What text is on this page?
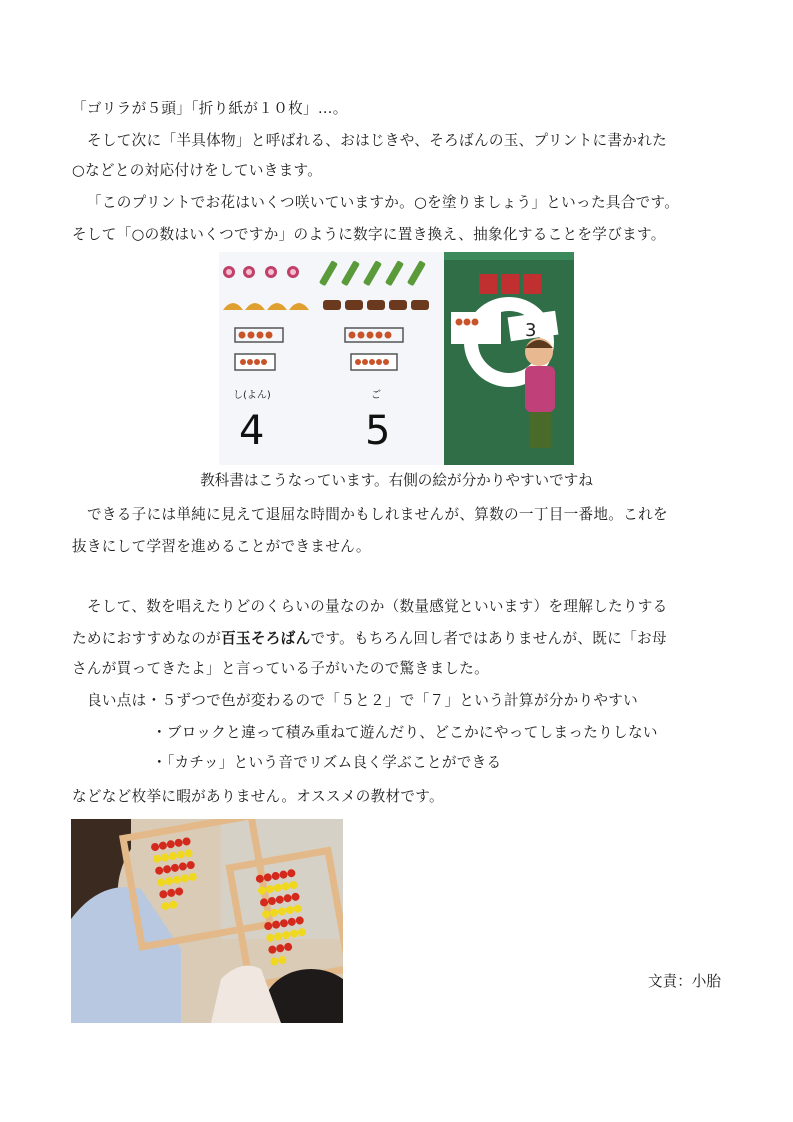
「ゴリラが５頭」「折り紙が１０枚」…。
そして次に「半具体物」と呼ばれる、おはじきや、そろばんの玉、プリントに書かれた
○などとの対応付けをしていきます。
「このプリントでお花はいくつ咲いていますか。○を塗りましょう」といった具合です。
そして「○の数はいくつですか」のように数字に置き換え、抽象化することを学びます。
し(よん)	ご
4	5
3
教科書はこうなっています。右側の絵が分かりやすいですね
できる子には単純に見えて退屈な時間かもしれませんが、算数の一丁目一番地。これを
抜きにして学習を進めることができません。
そして、数を唱えたりどのくらいの量なのか（数量感覚といいます）を理解したりする
ためにおすすめなのが百玉そろばんです。もちろん回し者ではありませんが、既に「お母
さんが買ってきたよ」と言っている子がいたので驚きました。
良い点は・５ずつで色が変わるので「５と２」で「７」という計算が分かりやすい
・ブロックと違って積み重ねて遊んだり、どこかにやってしまったりしない
・「カチッ」という音でリズム良く学ぶことができる
などなど枚挙に暇がありません。オススメの教材です。
文責：小胎
